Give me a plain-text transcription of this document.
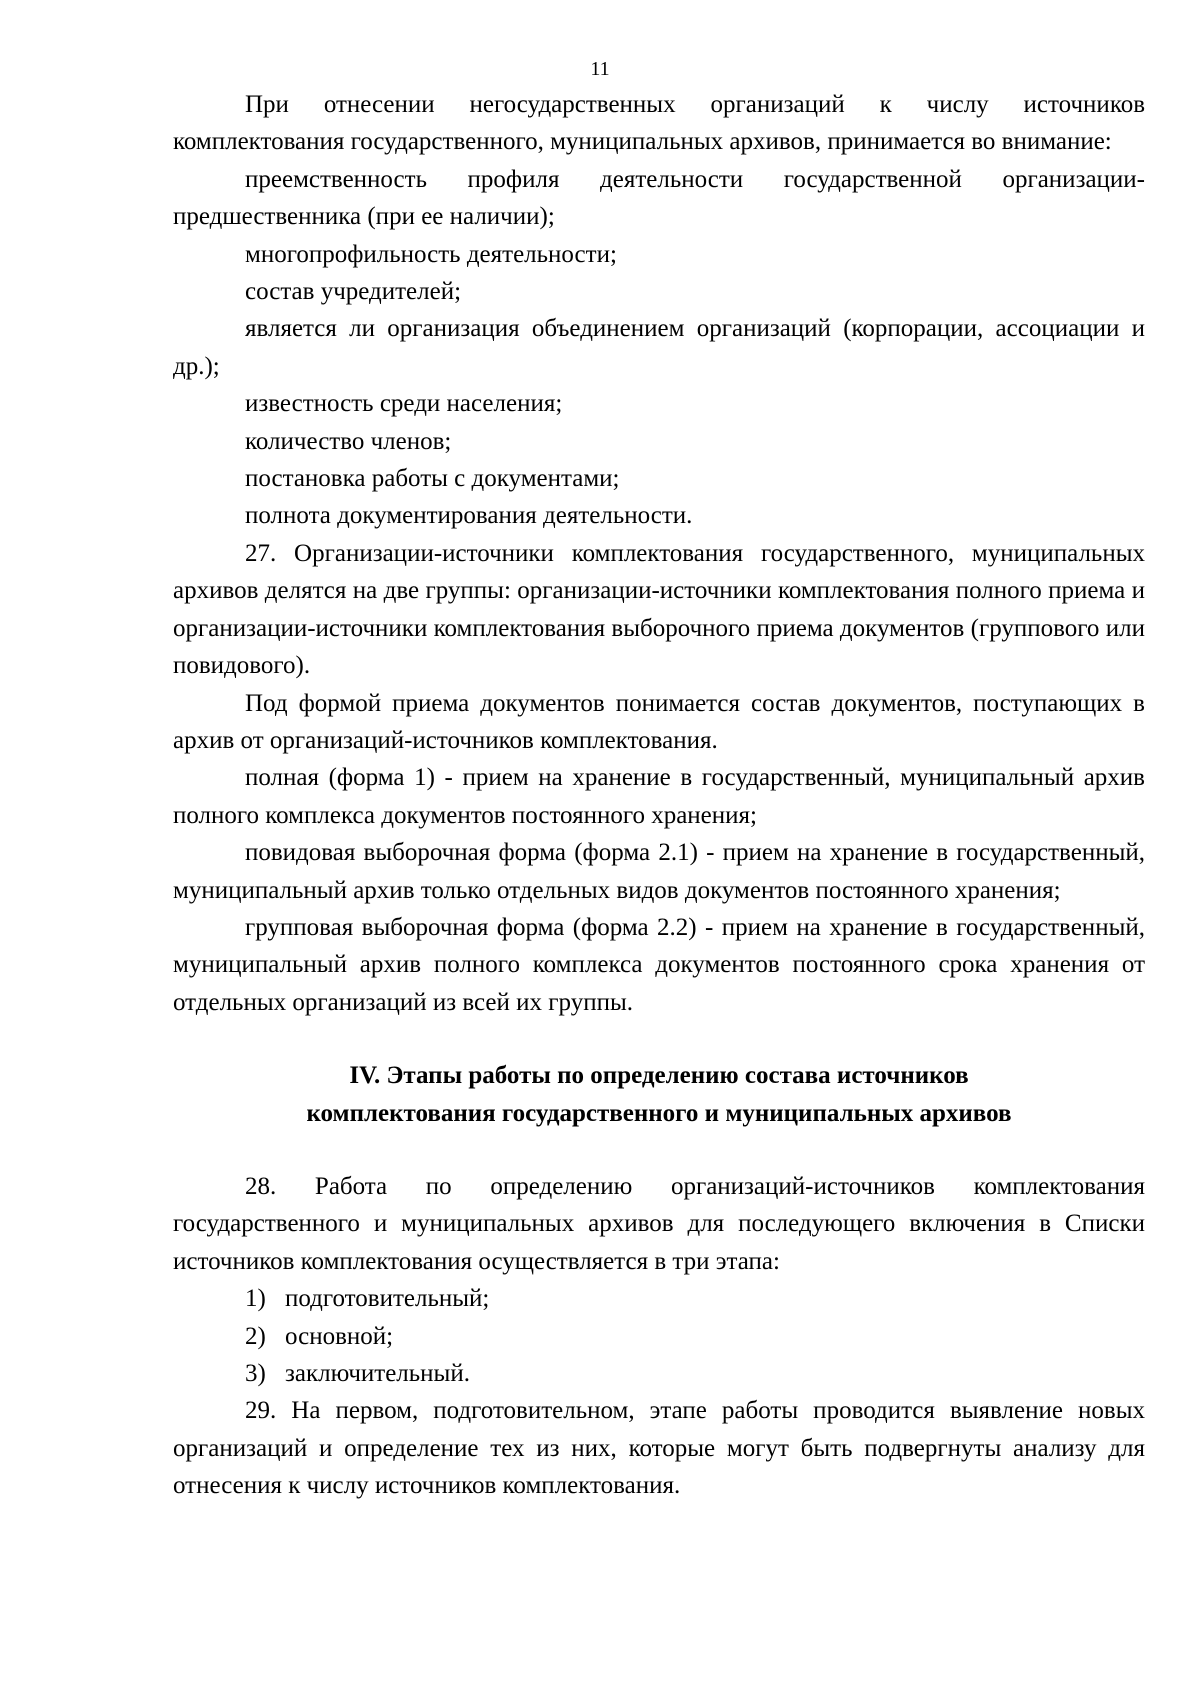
11

При отнесении негосударственных организаций к числу источников комплектования государственного, муниципальных архивов, принимается во внимание:

преемственность профиля деятельности государственной организации-предшественника (при ее наличии);

многопрофильность деятельности;

состав учредителей;

является ли организация объединением организаций (корпорации, ассоциации и др.);

известность среди населения;

количество членов;

постановка работы с документами;

полнота документирования деятельности.

27. Организации-источники комплектования государственного, муниципальных архивов делятся на две группы: организации-источники комплектования полного приема и организации-источники комплектования выборочного приема документов (группового или повидового).

Под формой приема документов понимается состав документов, поступающих в архив от организаций-источников комплектования.

полная (форма 1) - прием на хранение в государственный, муниципальный архив полного комплекса документов постоянного хранения;

повидовая выборочная форма (форма 2.1) - прием на хранение в государственный, муниципальный архив только отдельных видов документов постоянного хранения;

групповая выборочная форма (форма 2.2) - прием на хранение в государственный, муниципальный архив полного комплекса документов постоянного срока хранения от отдельных организаций из всей их группы.

IV. Этапы работы по определению состава источников
комплектования государственного и муниципальных архивов

28. Работа по определению организаций-источников комплектования государственного и муниципальных архивов для последующего включения в Списки источников комплектования осуществляется в три этапа:

1) подготовительный;
2) основной;
3) заключительный.

29. На первом, подготовительном, этапе работы проводится выявление новых организаций и определение тех из них, которые могут быть подвергнуты анализу для отнесения к числу источников комплектования.
